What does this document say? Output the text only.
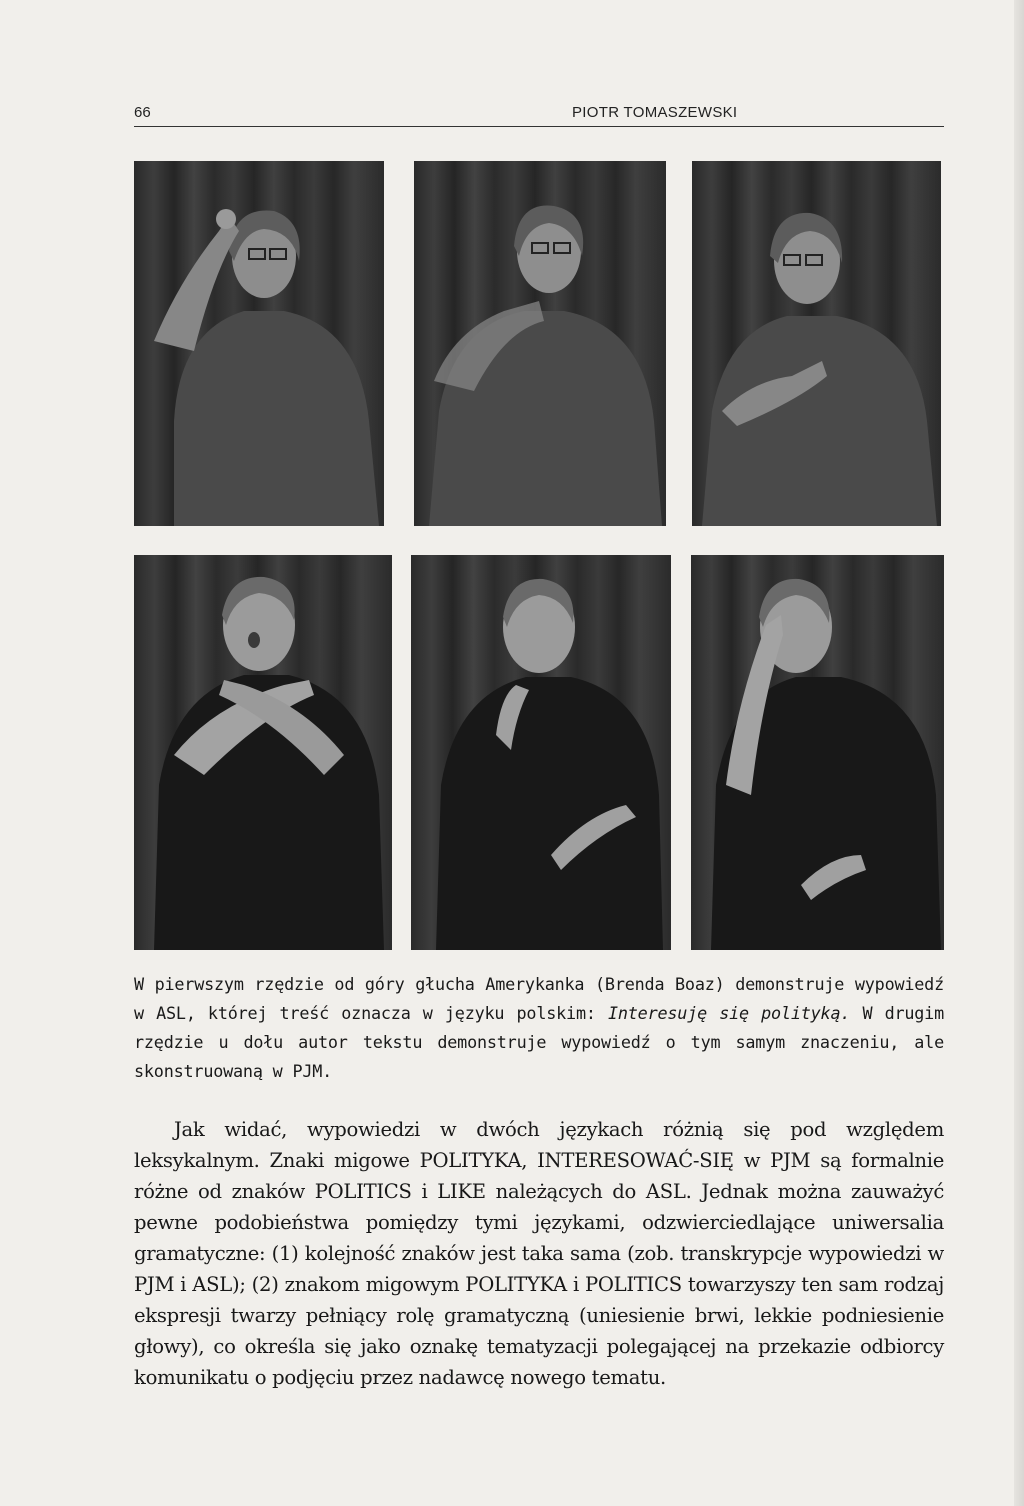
66	PIOTR TOMASZEWSKI

W pierwszym rzędzie od góry głucha Amerykanka (Brenda Boaz) demonstruje wypowiedź w ASL, której treść oznacza w języku polskim: Interesuję się polityką. W drugim rzędzie u dołu autor tekstu demonstruje wypowiedź o tym samym znaczeniu, ale skonstruowaną w PJM.

Jak widać, wypowiedzi w dwóch językach różnią się pod względem leksykalnym. Znaki migowe POLITYKA, INTERESOWAĆ-SIĘ w PJM są formalnie różne od znaków POLITICS i LIKE należących do ASL. Jednak można zauważyć pewne podobieństwa pomiędzy tymi językami, odzwierciedlające uniwersalia gramatyczne: (1) kolejność znaków jest taka sama (zob. transkrypcje wypowiedzi w PJM i ASL); (2) znakom migowym POLITYKA i POLITICS towarzyszy ten sam rodzaj ekspresji twarzy pełniący rolę gramatyczną (uniesienie brwi, lekkie podniesienie głowy), co określa się jako oznakę tematyzacji polegającej na przekazie odbiorcy komunikatu o podjęciu przez nadawcę nowego tematu.
